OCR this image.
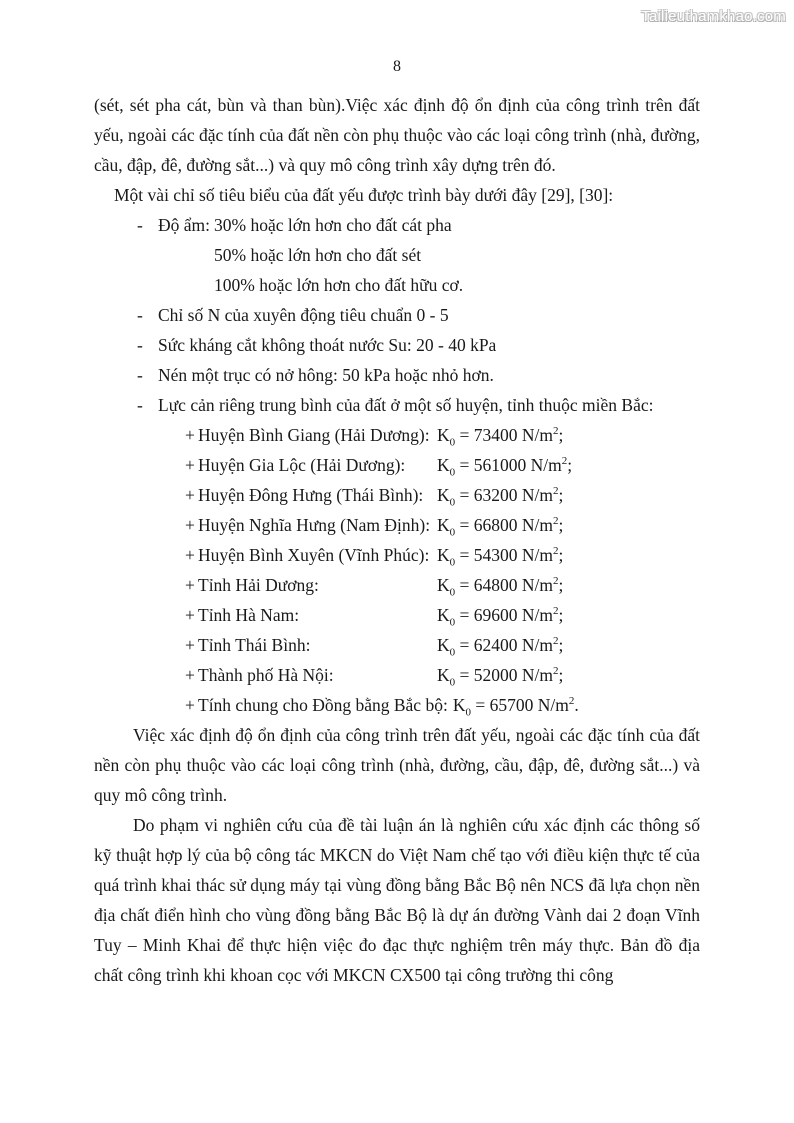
Tailieuthamkhao.com
8

(sét, sét pha cát, bùn và than bùn).Việc xác định độ ổn định của công trình trên đất yếu, ngoài các đặc tính của đất nền còn phụ thuộc vào các loại công trình (nhà, đường, cầu, đập, đê, đường sắt...) và quy mô công trình xây dựng trên đó.

Một vài chỉ số tiêu biểu của đất yếu được trình bày dưới đây [29], [30]:

- Độ ẩm: 30% hoặc lớn hơn cho đất cát pha
50% hoặc lớn hơn cho đất sét
100% hoặc lớn hơn cho đất hữu cơ.
- Chỉ số N của xuyên động tiêu chuẩn 0 - 5
- Sức kháng cắt không thoát nước Su: 20 - 40 kPa
- Nén một trục có nở hông: 50 kPa hoặc nhỏ hơn.
- Lực cản riêng trung bình của đất ở một số huyện, tỉnh thuộc miền Bắc:
+ Huyện Bình Giang (Hải Dương): $K_0 = 73400$ $N/m^2$;
+ Huyện Gia Lộc (Hải Dương): $K_0 = 561000$ $N/m^2$;
+ Huyện Đông Hưng (Thái Bình): $K_0 = 63200$ $N/m^2$;
+ Huyện Nghĩa Hưng (Nam Định): $K_0 = 66800$ $N/m^2$;
+ Huyện Bình Xuyên (Vĩnh Phúc): $K_0 = 54300$ $N/m^2$;
+ Tỉnh Hải Dương:	$K_0 = 64800$ $N/m^2$;
+ Tỉnh Hà Nam:	$K_0 = 69600$ $N/m^2$;
+ Tỉnh Thái Bình:	$K_0 = 62400$ $N/m^2$;
+ Thành phố Hà Nội:	$K_0 = 52000$ $N/m^2$;
+ Tính chung cho Đồng bằng Bắc bộ: $K_0 = 65700$ $N/m^2$.

Việc xác định độ ổn định của công trình trên đất yếu, ngoài các đặc tính của đất nền còn phụ thuộc vào các loại công trình (nhà, đường, cầu, đập, đê, đường sắt...) và quy mô công trình.

Do phạm vi nghiên cứu của đề tài luận án là nghiên cứu xác định các thông số kỹ thuật hợp lý của bộ công tác MKCN do Việt Nam chế tạo với điều kiện thực tế của quá trình khai thác sử dụng máy tại vùng đồng bằng Bắc Bộ nên NCS đã lựa chọn nền địa chất điển hình cho vùng đồng bằng Bắc Bộ là dự án đường Vành dai 2 đoạn Vĩnh Tuy – Minh Khai để thực hiện việc đo đạc thực nghiệm trên máy thực. Bản đồ địa chất công trình khi khoan cọc với MKCN CX500 tại công trường thi công
